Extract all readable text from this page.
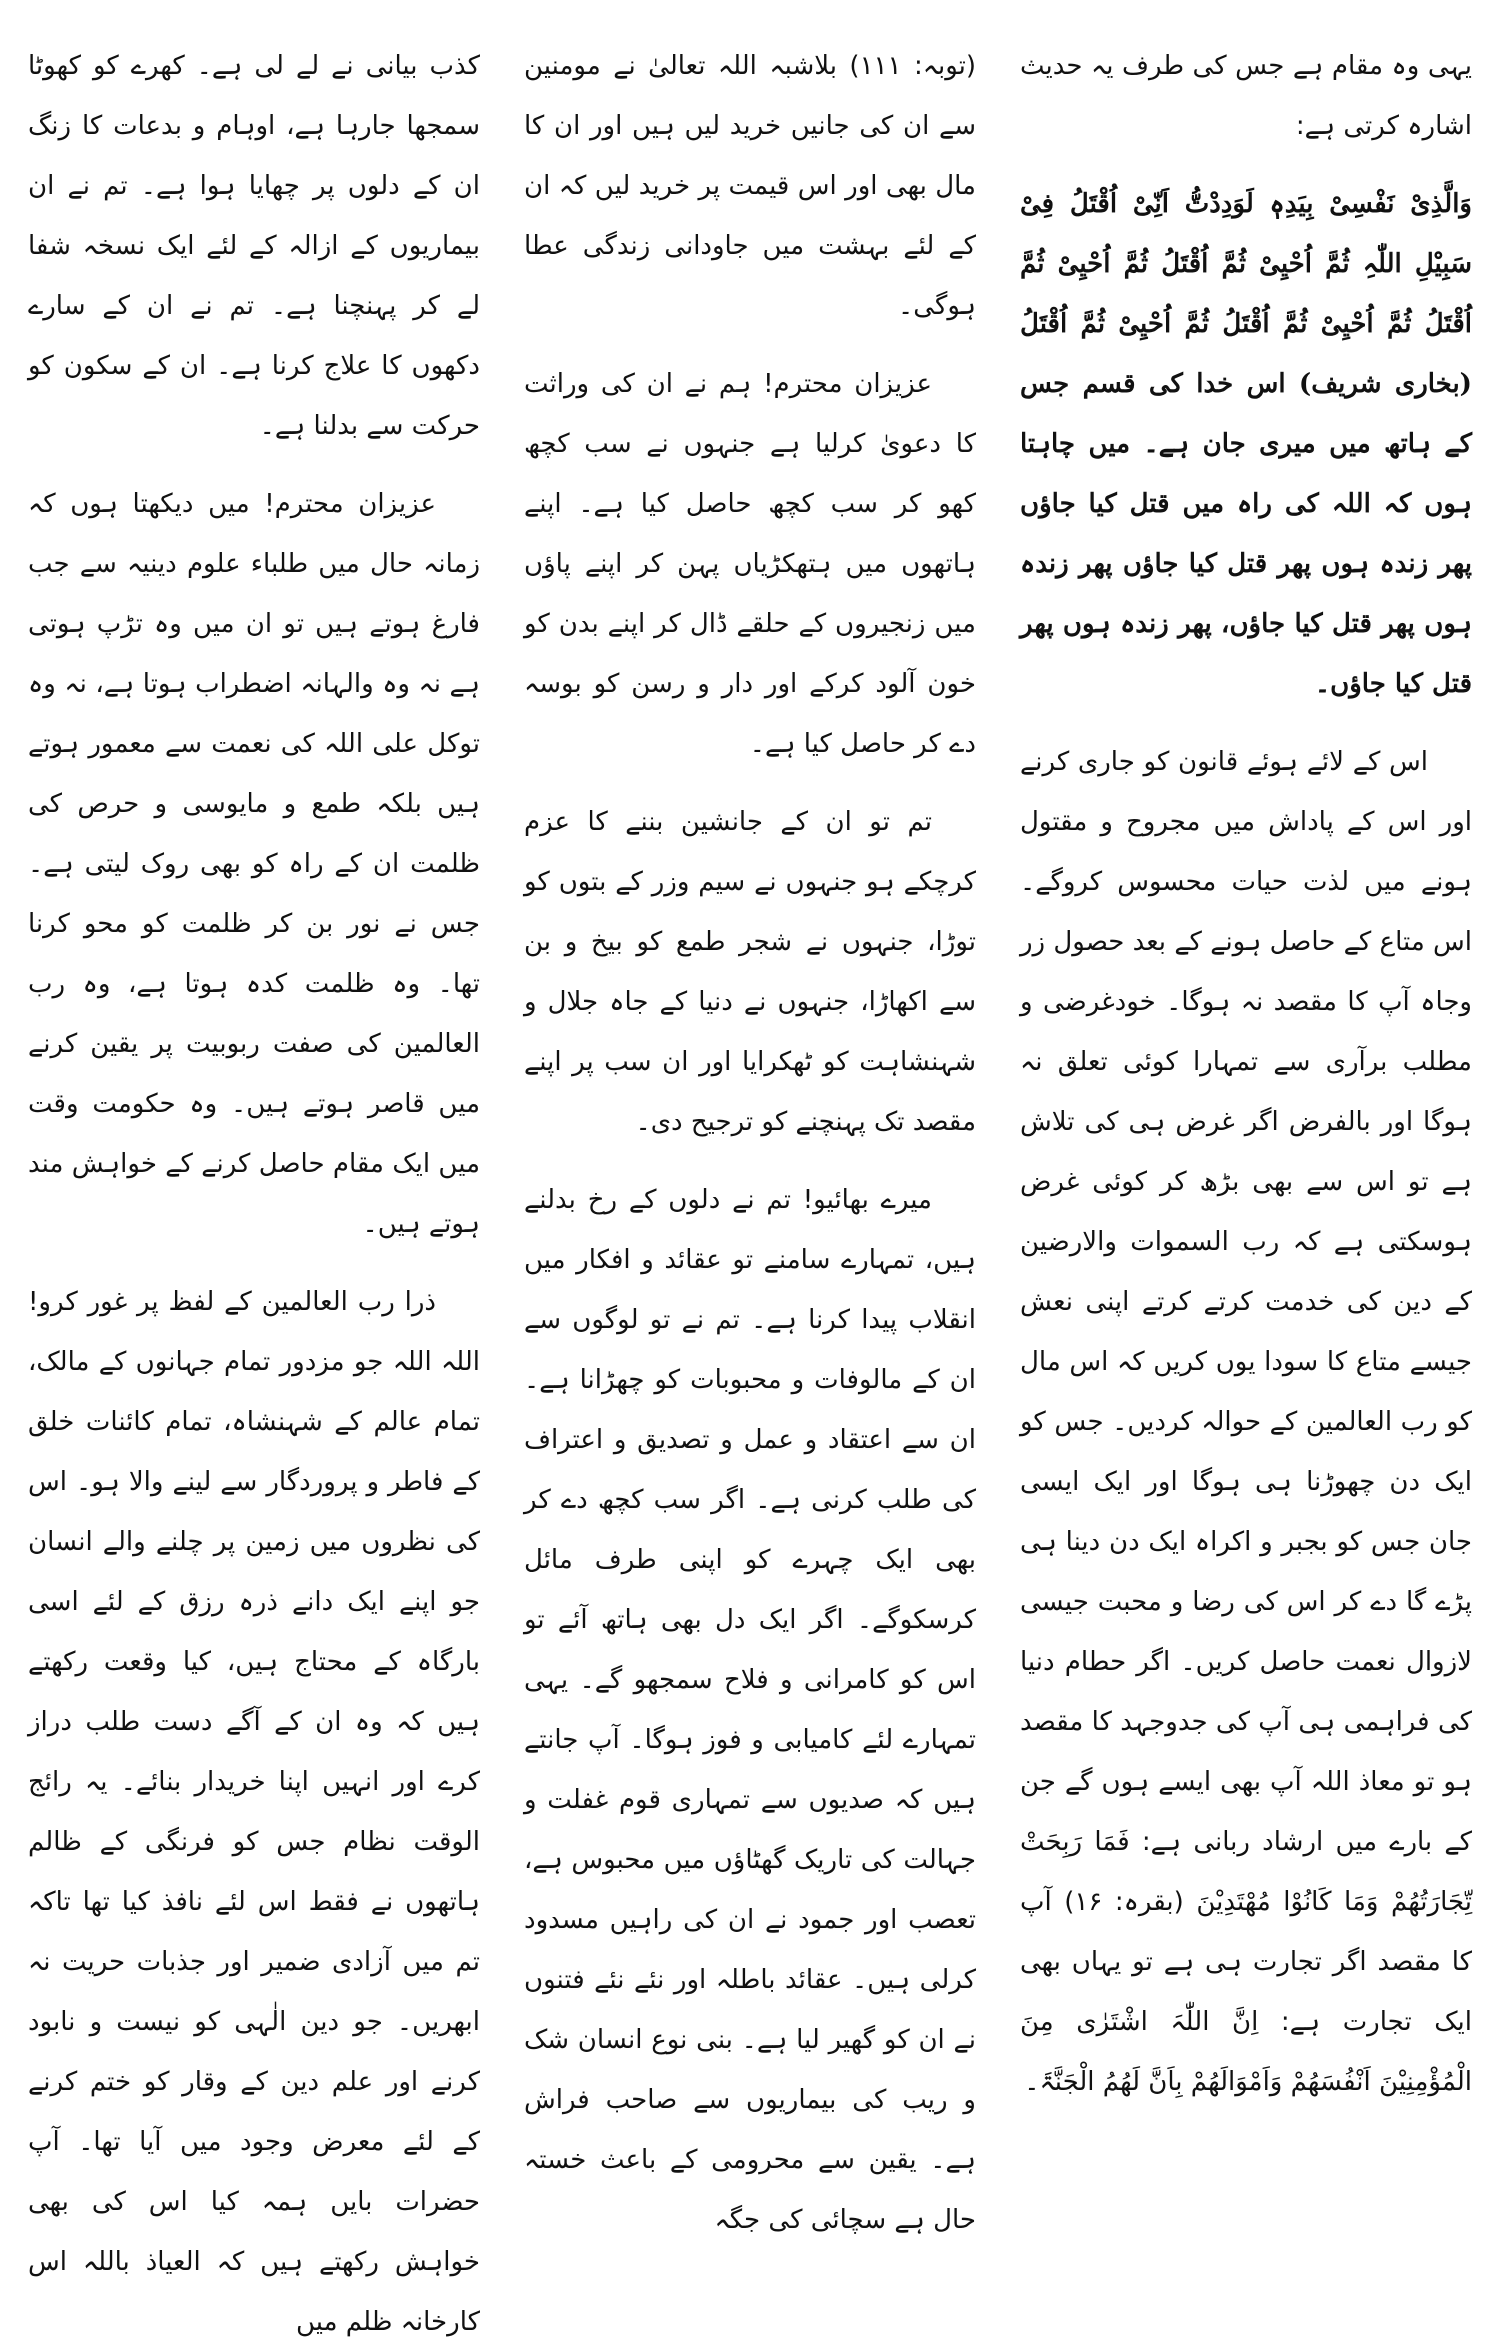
یہی وہ مقام ہے جس کی طرف یہ حدیث اشارہ کرتی ہے:

وَالَّذِیْ نَفْسِیْ بِیَدِہٖ لَوَدِدْتُّ اَنِّیْ اُقْتَلُ فِیْ سَبِیْلِ اللّٰہِ ثُمَّ اُحْیِیْ ثُمَّ اُقْتَلُ ثُمَّ اُحْیِیْ ثُمَّ اُقْتَلُ ثُمَّ اُحْیِیْ ثُمَّ اُقْتَلُ ثُمَّ اُحْیِیْ ثُمَّ اُقْتَلُ (بخاری شریف) اس خدا کی قسم جس کے ہاتھ میں میری جان ہے۔ میں چاہتا ہوں کہ اللہ کی راہ میں قتل کیا جاؤں پھر زندہ ہوں پھر قتل کیا جاؤں پھر زندہ ہوں پھر قتل کیا جاؤں، پھر زندہ ہوں پھر قتل کیا جاؤں۔

اس کے لائے ہوئے قانون کو جاری کرنے اور اس کے پاداش میں مجروح و مقتول ہونے میں لذت حیات محسوس کروگے۔ اس متاع کے حاصل ہونے کے بعد حصول زر وجاہ آپ کا مقصد نہ ہوگا۔ خودغرضی و مطلب برآری سے تمہارا کوئی تعلق نہ ہوگا اور بالفرض اگر غرض ہی کی تلاش ہے تو اس سے بھی بڑھ کر کوئی غرض ہوسکتی ہے کہ رب السموات والارضین کے دین کی خدمت کرتے کرتے اپنی نعش جیسے متاع کا سودا یوں کریں کہ اس مال کو رب العالمین کے حوالہ کردیں۔ جس کو ایک دن چھوڑنا ہی ہوگا اور ایک ایسی جان جس کو بجبر و اکراہ ایک دن دینا ہی پڑے گا دے کر اس کی رضا و محبت جیسی لازوال نعمت حاصل کریں۔ اگر حطام دنیا کی فراہمی ہی آپ کی جدوجہد کا مقصد ہو تو معاذ اللہ آپ بھی ایسے ہوں گے جن کے بارے میں ارشاد ربانی ہے: فَمَا رَبِحَتْ تِّجَارَتُھُمْ وَمَا کَانُوْا مُھْتَدِیْنَ (بقرہ: ۱۶) آپ کا مقصد اگر تجارت ہی ہے تو یہاں بھی ایک تجارت ہے: اِنَّ اللّٰہَ اشْتَرٰی مِنَ الْمُؤْمِنِیْنَ اَنْفُسَھُمْ وَاَمْوَالَھُمْ بِاَنَّ لَھُمُ الْجَنَّۃَ۔

(توبہ: ۱۱۱) بلاشبہ اللہ تعالیٰ نے مومنین سے ان کی جانیں خرید لیں ہیں اور ان کا مال بھی اور اس قیمت پر خرید لیں کہ ان کے لئے بہشت میں جاودانی زندگی عطا ہوگی۔

عزیزان محترم! ہم نے ان کی وراثت کا دعویٰ کرلیا ہے جنہوں نے سب کچھ کھو کر سب کچھ حاصل کیا ہے۔ اپنے ہاتھوں میں ہتھکڑیاں پہن کر اپنے پاؤں میں زنجیروں کے حلقے ڈال کر اپنے بدن کو خون آلود کرکے اور دار و رسن کو بوسہ دے کر حاصل کیا ہے۔

تم تو ان کے جانشین بننے کا عزم کرچکے ہو جنہوں نے سیم وزر کے بتوں کو توڑا، جنہوں نے شجر طمع کو بیخ و بن سے اکھاڑا، جنہوں نے دنیا کے جاہ جلال و شہنشاہت کو ٹھکرایا اور ان سب پر اپنے مقصد تک پہنچنے کو ترجیح دی۔

میرے بھائیو! تم نے دلوں کے رخ بدلنے ہیں، تمہارے سامنے تو عقائد و افکار میں انقلاب پیدا کرنا ہے۔ تم نے تو لوگوں سے ان کے مالوفات و محبوبات کو چھڑانا ہے۔ ان سے اعتقاد و عمل و تصدیق و اعتراف کی طلب کرنی ہے۔ اگر سب کچھ دے کر بھی ایک چہرے کو اپنی طرف مائل کرسکوگے۔ اگر ایک دل بھی ہاتھ آئے تو اس کو کامرانی و فلاح سمجھو گے۔ یہی تمہارے لئے کامیابی و فوز ہوگا۔ آپ جانتے ہیں کہ صدیوں سے تمہاری قوم غفلت و جہالت کی تاریک گھٹاؤں میں محبوس ہے، تعصب اور جمود نے ان کی راہیں مسدود کرلی ہیں۔ عقائد باطلہ اور نئے نئے فتنوں نے ان کو گھیر لیا ہے۔ بنی نوع انسان شک و ریب کی بیماریوں سے صاحب فراش ہے۔ یقین سے محرومی کے باعث خستہ حال ہے سچائی کی جگہ

کذب بیانی نے لے لی ہے۔ کھرے کو کھوٹا سمجھا جارہا ہے، اوہام و بدعات کا زنگ ان کے دلوں پر چھایا ہوا ہے۔ تم نے ان بیماریوں کے ازالہ کے لئے ایک نسخہ شفا لے کر پہنچنا ہے۔ تم نے ان کے سارے دکھوں کا علاج کرنا ہے۔ ان کے سکون کو حرکت سے بدلنا ہے۔

عزیزان محترم! میں دیکھتا ہوں کہ زمانہ حال میں طلباء علوم دینیہ سے جب فارغ ہوتے ہیں تو ان میں وہ تڑپ ہوتی ہے نہ وہ والہانہ اضطراب ہوتا ہے، نہ وہ توکل علی اللہ کی نعمت سے معمور ہوتے ہیں بلکہ طمع و مایوسی و حرص کی ظلمت ان کے راہ کو بھی روک لیتی ہے۔ جس نے نور بن کر ظلمت کو محو کرنا تھا۔ وہ ظلمت کدہ ہوتا ہے، وہ رب العالمین کی صفت ربوبیت پر یقین کرنے میں قاصر ہوتے ہیں۔ وہ حکومت وقت میں ایک مقام حاصل کرنے کے خواہش مند ہوتے ہیں۔

ذرا رب العالمین کے لفظ پر غور کرو! اللہ اللہ جو مزدور تمام جہانوں کے مالک، تمام عالم کے شہنشاہ، تمام کائنات خلق کے فاطر و پروردگار سے لینے والا ہو۔ اس کی نظروں میں زمین پر چلنے والے انسان جو اپنے ایک دانے ذرہ رزق کے لئے اسی بارگاہ کے محتاج ہیں، کیا وقعت رکھتے ہیں کہ وہ ان کے آگے دست طلب دراز کرے اور انہیں اپنا خریدار بنائے۔ یہ رائج الوقت نظام جس کو فرنگی کے ظالم ہاتھوں نے فقط اس لئے نافذ کیا تھا تاکہ تم میں آزادی ضمیر اور جذبات حریت نہ ابھریں۔ جو دین الٰہی کو نیست و نابود کرنے اور علم دین کے وقار کو ختم کرنے کے لئے معرض وجود میں آیا تھا۔ آپ حضرات بایں ہمہ کیا اس کی بھی خواہش رکھتے ہیں کہ العیاذ باللہ اس کارخانہ ظلم میں
